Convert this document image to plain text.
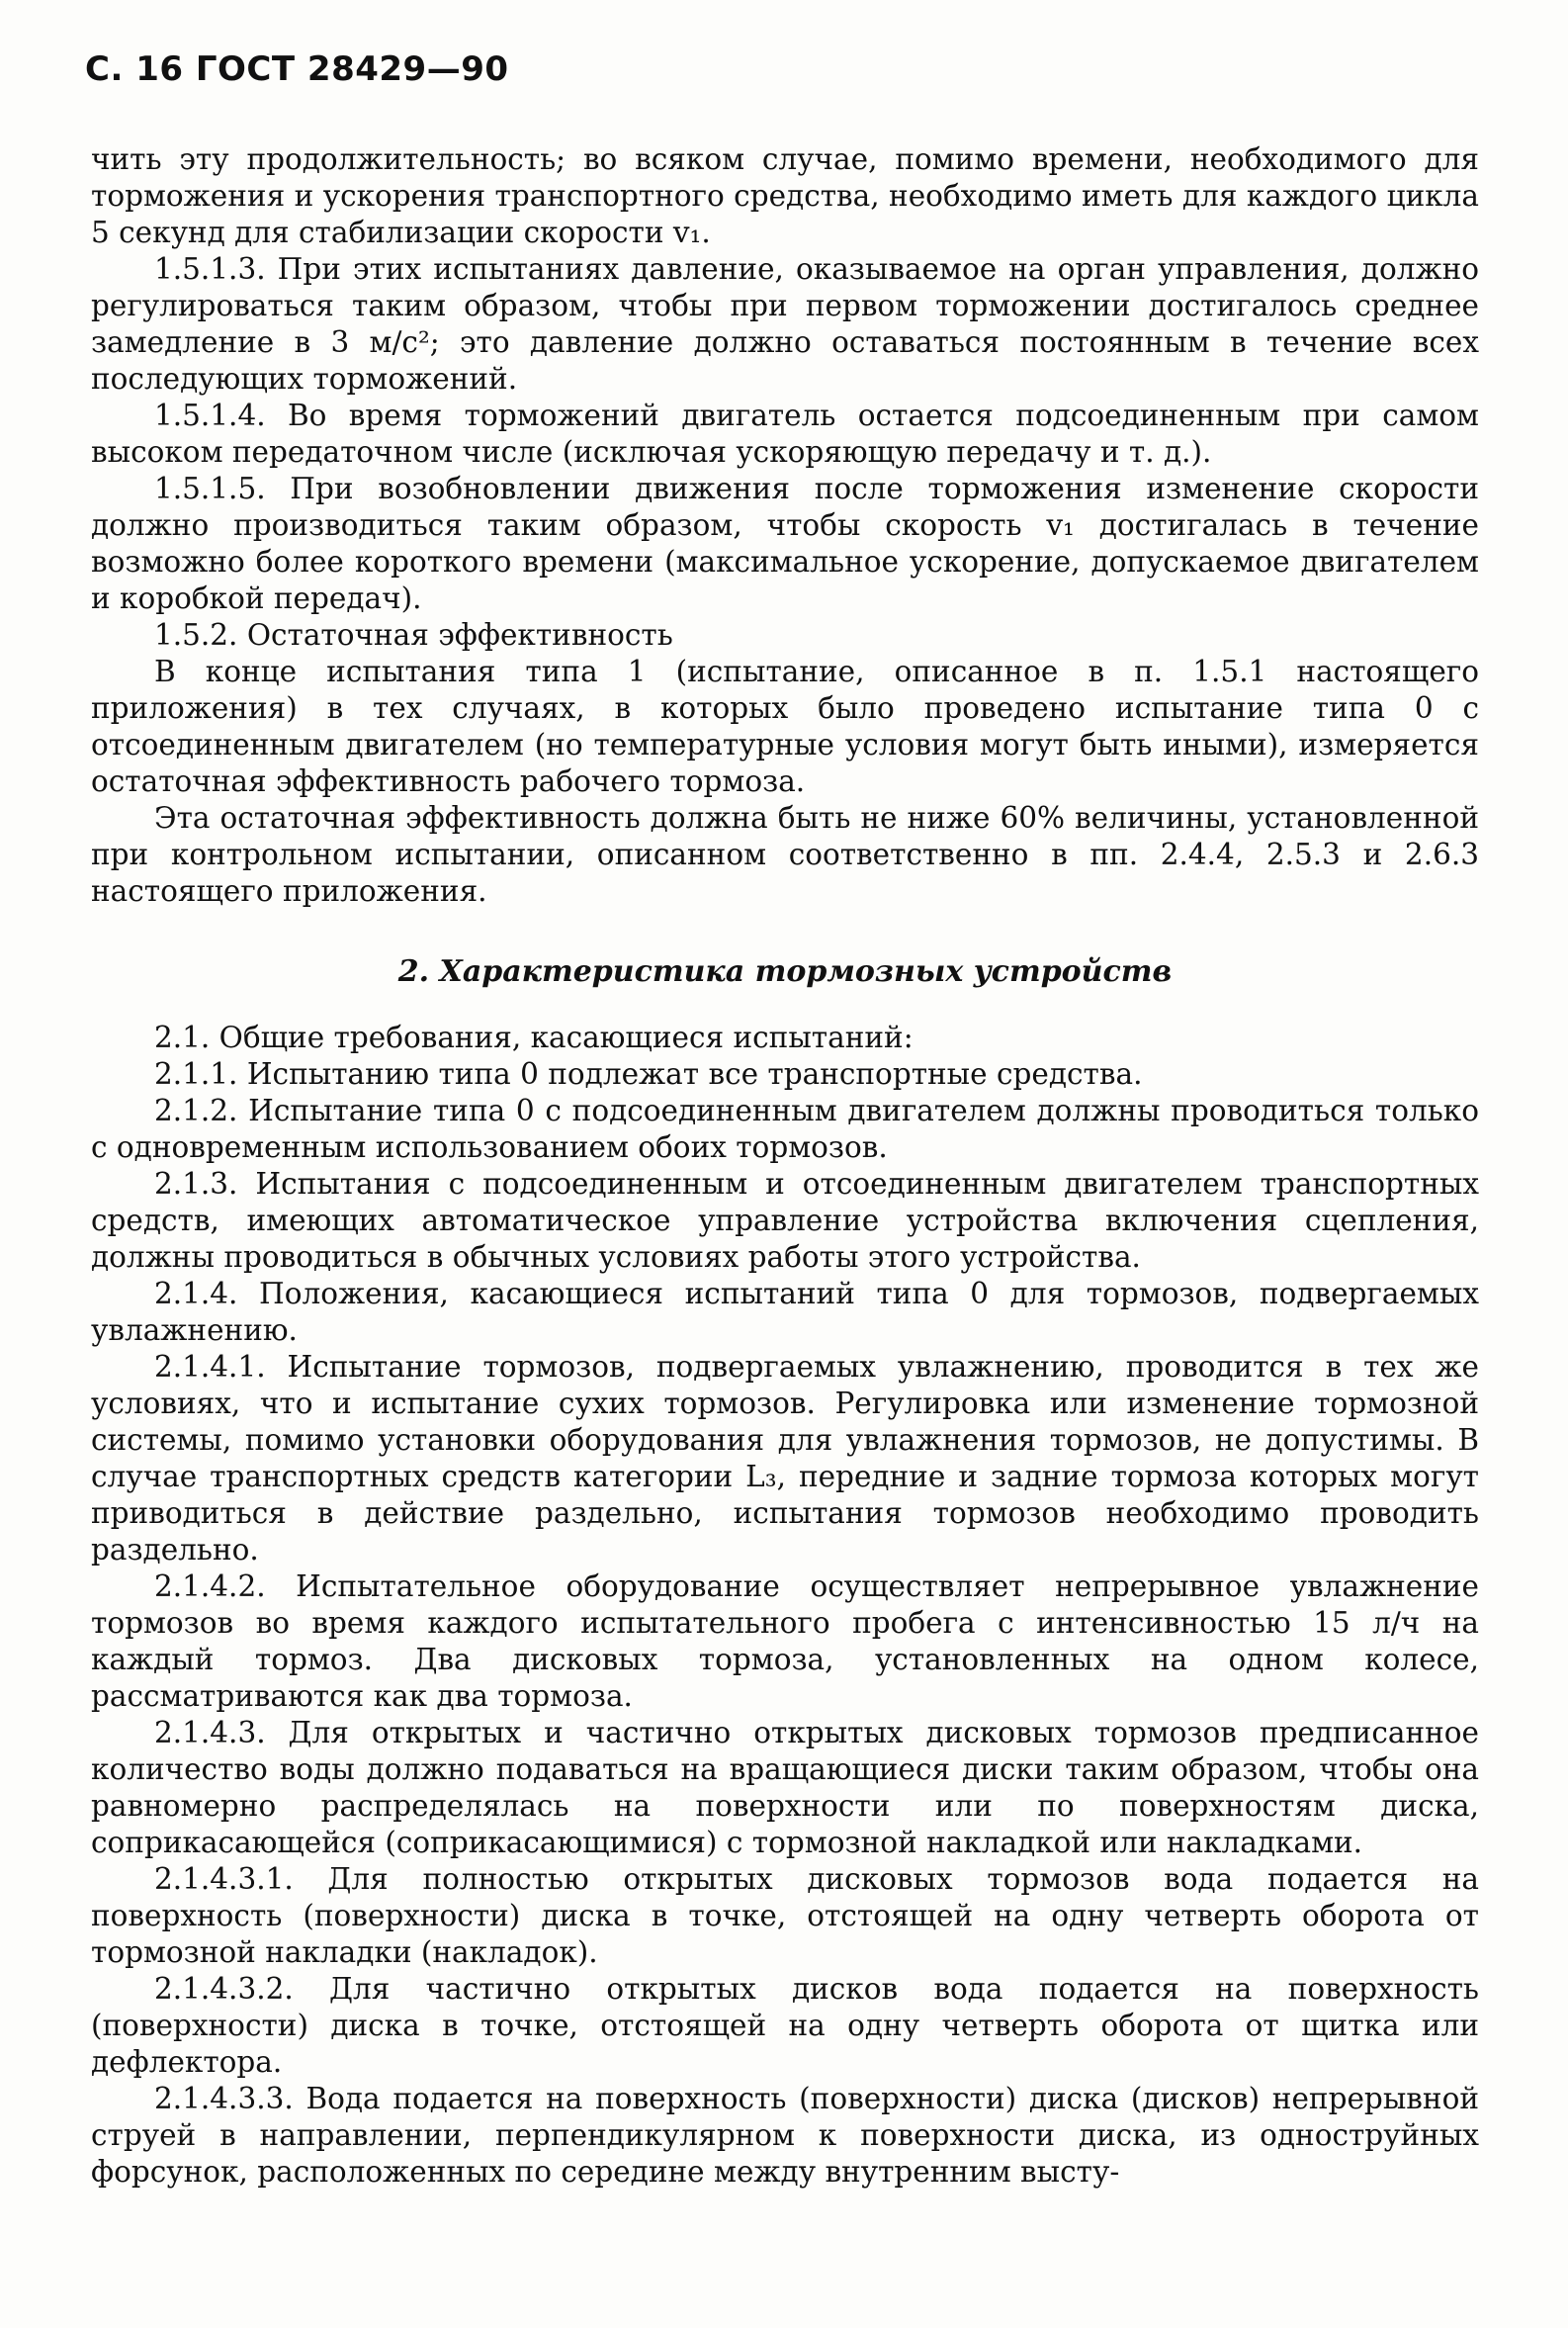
С. 16 ГОСТ 28429—90

чить эту продолжительность; во всяком случае, помимо времени, необходимого для торможения и ускорения транспортного средства, необходимо иметь для каждого цикла 5 секунд для стабилизации скорости v₁.

1.5.1.3. При этих испытаниях давление, оказываемое на орган управления, должно регулироваться таким образом, чтобы при первом торможении достигалось среднее замедление в 3 м/с²; это давление должно оставаться постоянным в течение всех последующих торможений.

1.5.1.4. Во время торможений двигатель остается подсоединенным при самом высоком передаточном числе (исключая ускоряющую передачу и т. д.).

1.5.1.5. При возобновлении движения после торможения изменение скорости должно производиться таким образом, чтобы скорость v₁ достигалась в течение возможно более короткого времени (максимальное ускорение, допускаемое двигателем и коробкой передач).

1.5.2. Остаточная эффективность

В конце испытания типа 1 (испытание, описанное в п. 1.5.1 настоящего приложения) в тех случаях, в которых было проведено испытание типа 0 с отсоединенным двигателем (но температурные условия могут быть иными), измеряется остаточная эффективность рабочего тормоза.

Эта остаточная эффективность должна быть не ниже 60% величины, установленной при контрольном испытании, описанном соответственно в пп. 2.4.4, 2.5.3 и 2.6.3 настоящего приложения.

2. Характеристика тормозных устройств

2.1. Общие требования, касающиеся испытаний:

2.1.1. Испытанию типа 0 подлежат все транспортные средства.

2.1.2. Испытание типа 0 с подсоединенным двигателем должны проводиться только с одновременным использованием обоих тормозов.

2.1.3. Испытания с подсоединенным и отсоединенным двигателем транспортных средств, имеющих автоматическое управление устройства включения сцепления, должны проводиться в обычных условиях работы этого устройства.

2.1.4. Положения, касающиеся испытаний типа 0 для тормозов, подвергаемых увлажнению.

2.1.4.1. Испытание тормозов, подвергаемых увлажнению, проводится в тех же условиях, что и испытание сухих тормозов. Регулировка или изменение тормозной системы, помимо установки оборудования для увлажнения тормозов, не допустимы. В случае транспортных средств категории L₃, передние и задние тормоза которых могут приводиться в действие раздельно, испытания тормозов необходимо проводить раздельно.

2.1.4.2. Испытательное оборудование осуществляет непрерывное увлажнение тормозов во время каждого испытательного пробега с интенсивностью 15 л/ч на каждый тормоз. Два дисковых тормоза, установленных на одном колесе, рассматриваются как два тормоза.

2.1.4.3. Для открытых и частично открытых дисковых тормозов предписанное количество воды должно подаваться на вращающиеся диски таким образом, чтобы она равномерно распределялась на поверхности или по поверхностям диска, соприкасающейся (соприкасающимися) с тормозной накладкой или накладками.

2.1.4.3.1. Для полностью открытых дисковых тормозов вода подается на поверхность (поверхности) диска в точке, отстоящей на одну четверть оборота от тормозной накладки (накладок).

2.1.4.3.2. Для частично открытых дисков вода подается на поверхность (поверхности) диска в точке, отстоящей на одну четверть оборота от щитка или дефлектора.

2.1.4.3.3. Вода подается на поверхность (поверхности) диска (дисков) непрерывной струей в направлении, перпендикулярном к поверхности диска, из одноструйных форсунок, расположенных по середине между внутренним высту-
